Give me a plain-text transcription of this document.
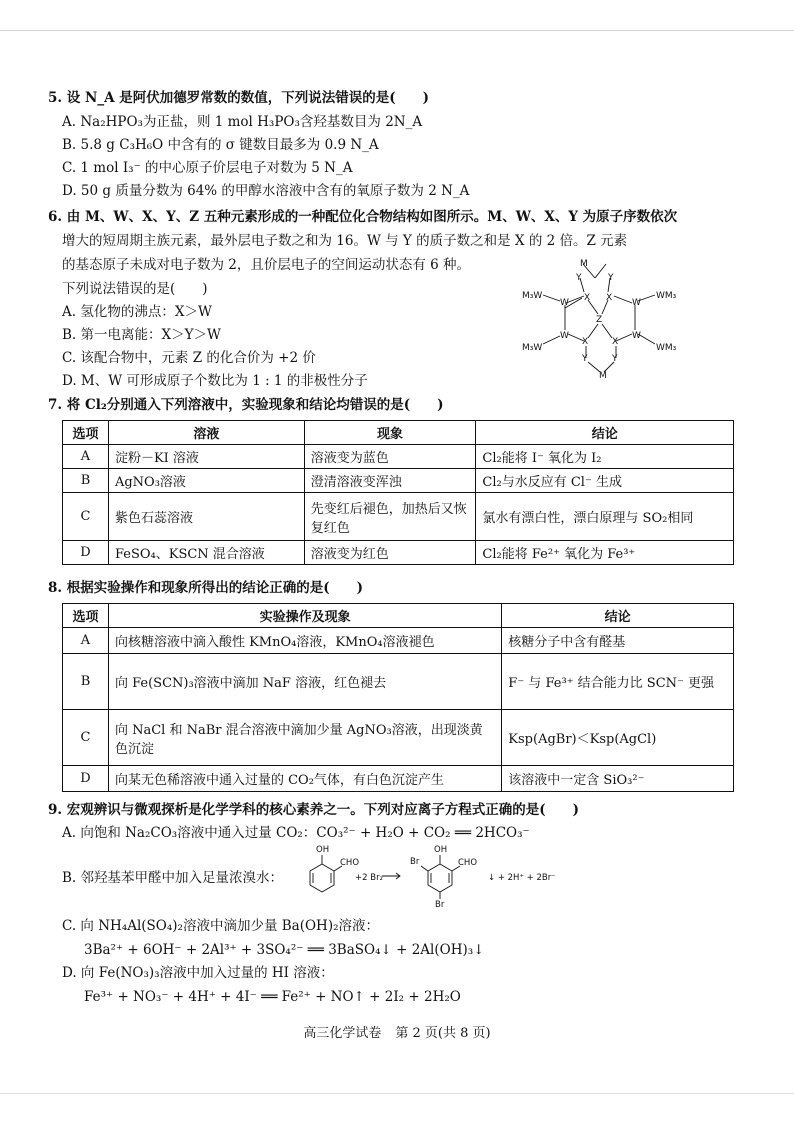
5. 设 N_A 是阿伏加德罗常数的数值，下列说法错误的是(　　)
A. Na₂HPO₃为正盐，则 1 mol H₃PO₃含羟基数目为 2N_A
B. 5.8 g C₃H₆O 中含有的 σ 键数目最多为 0.9 N_A
C. 1 mol I₃⁻ 的中心原子价层电子对数为 5 N_A
D. 50 g 质量分数为 64% 的甲醇水溶液中含有的氧原子数为 2 N_A
6. 由 M、W、X、Y、Z 五种元素形成的一种配位化合物结构如图所示。M、W、X、Y 为原子序数依次
增大的短周期主族元素，最外层电子数之和为 16。W 与 Y 的质子数之和是 X 的 2 倍。Z 元素
的基态原子未成对电子数为 2，且价层电子的空间运动状态有 6 种。
下列说法错误的是(　　)
A. 氢化物的沸点：X＞W
B. 第一电离能：X＞Y＞W
C. 该配合物中，元素 Z 的化合价为 +2 价
D. M、W 可形成原子个数比为 1 : 1 的非极性分子
M
Y	Y
M₃W
W X X W
WM₃
Z
M₃W
W
X	X
W
WM₃
Y	Y
M
7. 将 Cl₂分别通入下列溶液中，实验现象和结论均错误的是(　　)
选项	溶液	现象	结论
A	淀粉－KI 溶液	溶液变为蓝色	Cl₂能将 I⁻ 氧化为 I₂
B	AgNO₃溶液	澄清溶液变浑浊	Cl₂与水反应有 Cl⁻ 生成
C	紫色石蕊溶液	先变红后褪色，加热后又恢复红色	氯水有漂白性，漂白原理与 SO₂相同
D	FeSO₄、KSCN 混合溶液	溶液变为红色	Cl₂能将 Fe²⁺ 氧化为 Fe³⁺
8. 根据实验操作和现象所得出的结论正确的是(　　)
选项	实验操作及现象	结论
A	向核糖溶液中滴入酸性 KMnO₄溶液，KMnO₄溶液褪色	核糖分子中含有醛基
B	向 Fe(SCN)₃溶液中滴加 NaF 溶液，红色褪去	F⁻ 与 Fe³⁺ 结合能力比 SCN⁻ 更强
C	向 NaCl 和 NaBr 混合溶液中滴加少量 AgNO₃溶液，出现淡黄色沉淀	Ksp(AgBr)＜Ksp(AgCl)
D	向某无色稀溶液中通入过量的 CO₂气体，有白色沉淀产生	该溶液中一定含 SiO₃²⁻
9. 宏观辨识与微观探析是化学学科的核心素养之一。下列对应离子方程式正确的是(　　)
A. 向饱和 Na₂CO₃溶液中通入过量 CO₂：CO₃²⁻ + H₂O + CO₂ ══ 2HCO₃⁻
B. 邻羟基苯甲醛中加入足量浓溴水：
OH
CHO
+2 Br₂
Br
OH
CHO
Br
↓ + 2H⁺ + 2Br⁻
C. 向 NH₄Al(SO₄)₂溶液中滴加少量 Ba(OH)₂溶液：
3Ba²⁺ + 6OH⁻ + 2Al³⁺ + 3SO₄²⁻ ══ 3BaSO₄↓ + 2Al(OH)₃↓
D. 向 Fe(NO₃)₃溶液中加入过量的 HI 溶液：
Fe³⁺ + NO₃⁻ + 4H⁺ + 4I⁻ ══ Fe²⁺ + NO↑ + 2I₂ + 2H₂O
高三化学试卷 第 2 页(共 8 页)
